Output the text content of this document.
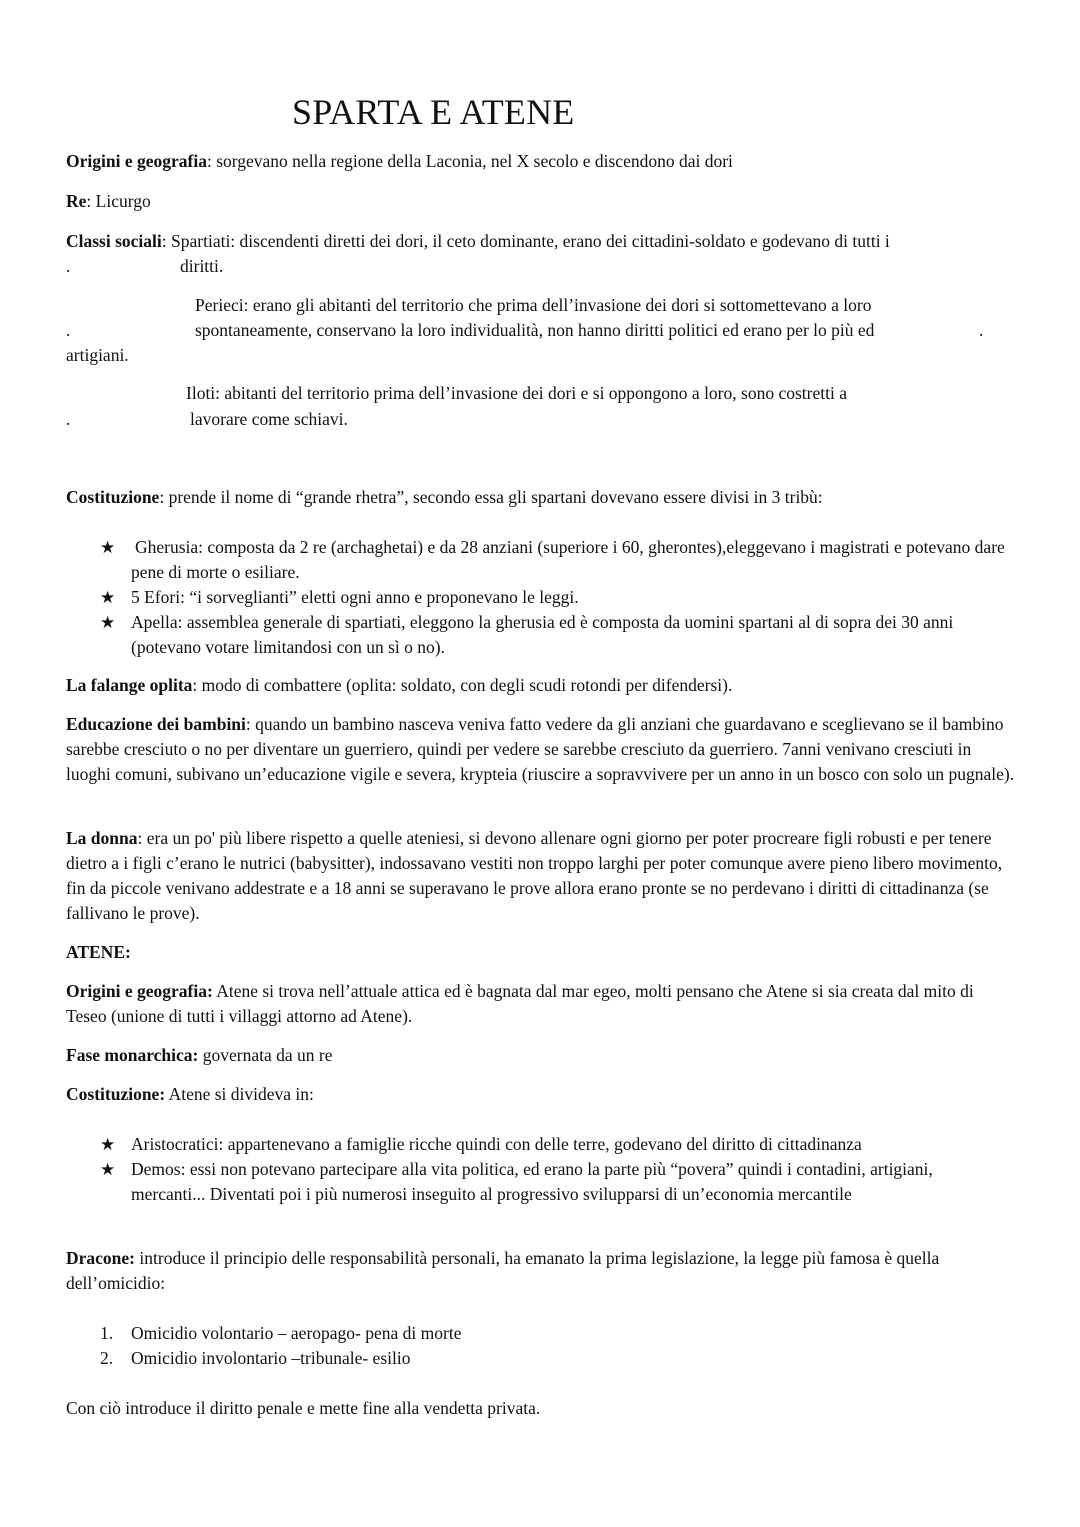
SPARTA E ATENE
Origini e geografia: sorgevano nella regione della Laconia, nel X secolo e discendono dai dori
Re: Licurgo
Classi sociali: Spartiati: discendenti diretti dei dori, il ceto dominante, erano dei cittadini-soldato e godevano di tutti i
.	diritti.
Perieci: erano gli abitanti del territorio che prima dell’invasione dei dori si sottomettevano a loro
.	spontaneamente, conservano la loro individualità, non hanno diritti politici ed erano per lo più ed	.
artigiani.
Iloti: abitanti del territorio prima dell’invasione dei dori e si oppongono a loro, sono costretti a
.	lavorare come schiavi.
Costituzione: prende il nome di “grande rhetra”, secondo essa gli spartani dovevano essere divisi in 3 tribù:
★ Gherusia: composta da 2 re (archaghetai) e da 28 anziani (superiore i 60, gherontes),eleggevano i magistrati e potevano dare pene di morte o esiliare.
★ 5 Efori: “i sorveglianti” eletti ogni anno e proponevano le leggi.
★ Apella: assemblea generale di spartiati, eleggono la gherusia ed è composta da uomini spartani al di sopra dei 30 anni (potevano votare limitandosi con un sì o no).
La falange oplita: modo di combattere (oplita: soldato, con degli scudi rotondi per difendersi).
Educazione dei bambini: quando un bambino nasceva veniva fatto vedere da gli anziani che guardavano e sceglievano se il bambino sarebbe cresciuto o no per diventare un guerriero, quindi per vedere se sarebbe cresciuto da guerriero. 7anni venivano cresciuti in luoghi comuni, subivano un’educazione vigile e severa, krypteia (riuscire a sopravvivere per un anno in un bosco con solo un pugnale).
La donna: era un po' più libere rispetto a quelle ateniesi, si devono allenare ogni giorno per poter procreare figli robusti e per tenere dietro a i figli c’erano le nutrici (babysitter), indossavano vestiti non troppo larghi per poter comunque avere pieno libero movimento, fin da piccole venivano addestrate e a 18 anni se superavano le prove allora erano pronte se no perdevano i diritti di cittadinanza (se fallivano le prove).
ATENE:
Origini e geografia: Atene si trova nell’attuale attica ed è bagnata dal mar egeo, molti pensano che Atene si sia creata dal mito di Teseo (unione di tutti i villaggi attorno ad Atene).
Fase monarchica: governata da un re
Costituzione: Atene si divideva in:
★ Aristocratici: appartenevano a famiglie ricche quindi con delle terre, godevano del diritto di cittadinanza
★ Demos: essi non potevano partecipare alla vita politica, ed erano la parte più “povera” quindi i contadini, artigiani, mercanti... Diventati poi i più numerosi inseguito al progressivo svilupparsi di un’economia mercantile
Dracone: introduce il principio delle responsabilità personali, ha emanato la prima legislazione, la legge più famosa è quella dell’omicidio:
1. Omicidio volontario – aeropago- pena di morte
2. Omicidio involontario –tribunale- esilio
Con ciò introduce il diritto penale e mette fine alla vendetta privata.
